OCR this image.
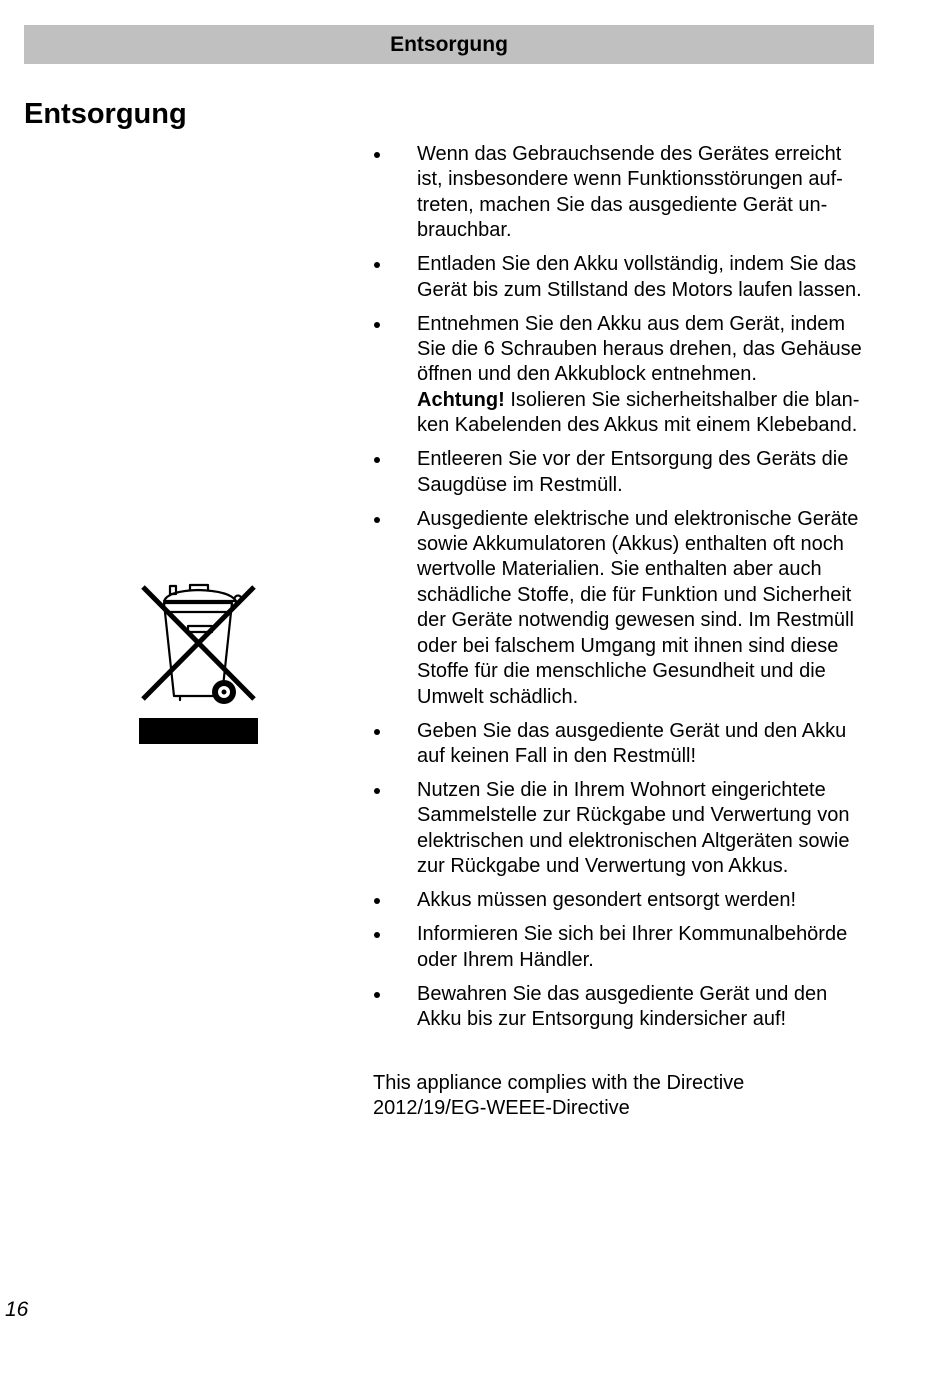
Entsorgung
Entsorgung
Wenn das Gebrauchsende des Gerätes erreicht
ist, insbesondere wenn Funktionsstörungen auf-
treten, machen Sie das ausgediente Gerät un-
brauchbar.
Entladen Sie den Akku vollständig, indem Sie das
Gerät bis zum Stillstand des Motors laufen lassen.
Entnehmen Sie den Akku aus dem Gerät, indem
Sie die 6 Schrauben heraus drehen, das Gehäuse
öffnen und den Akkublock entnehmen.
Achtung! Isolieren Sie sicherheitshalber die blan-
ken Kabelenden des Akkus mit einem Klebeband.
Entleeren Sie vor der Entsorgung des Geräts die
Saugdüse im Restmüll.
Ausgediente elektrische und elektronische Geräte
sowie Akkumulatoren (Akkus) enthalten oft noch
wertvolle Materialien. Sie enthalten aber auch
schädliche Stoffe, die für Funktion und Sicherheit
der Geräte notwendig gewesen sind. Im Restmüll
oder bei falschem Umgang mit ihnen sind diese
Stoffe für die menschliche Gesundheit und die
Umwelt schädlich.
Geben Sie das ausgediente Gerät und den Akku
auf keinen Fall in den Restmüll!
Nutzen Sie die in Ihrem Wohnort eingerichtete
Sammelstelle zur Rückgabe und Verwertung von
elektrischen und elektronischen Altgeräten sowie
zur Rückgabe und Verwertung von Akkus.
Akkus müssen gesondert entsorgt werden!
Informieren Sie sich bei Ihrer Kommunalbehörde
oder Ihrem Händler.
Bewahren Sie das ausgediente Gerät und den
Akku bis zur Entsorgung kindersicher auf!
This appliance complies with the Directive
2012/19/EG-WEEE-Directive
16
